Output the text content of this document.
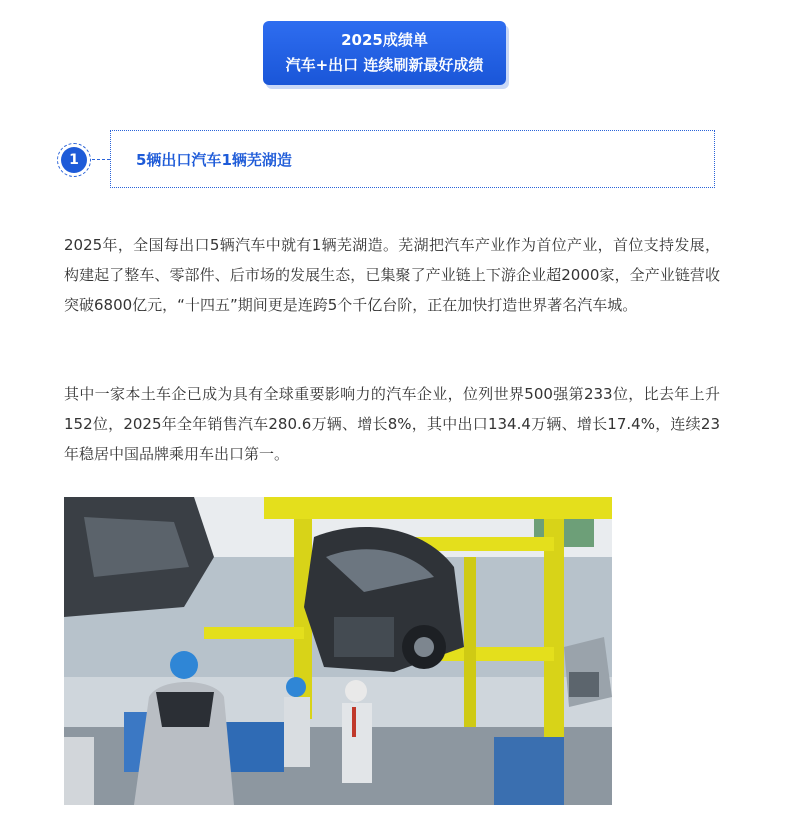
2025成绩单
汽车+出口 连续刷新最好成绩
1	5辆出口汽车1辆芜湖造

2025年，全国每出口5辆汽车中就有1辆芜湖造。芜湖把汽车产业作为首位产业，首位支持发展，构建起了整车、零部件、后市场的发展生态，已集聚了产业链上下游企业超2000家，全产业链营收突破6800亿元，“十四五”期间更是连跨5个千亿台阶，正在加快打造世界著名汽车城。

其中一家本土车企已成为具有全球重要影响力的汽车企业，位列世界500强第233位，比去年上升152位，2025年全年销售汽车280.6万辆、增长8%，其中出口134.4万辆、增长17.4%，连续23年稳居中国品牌乘用车出口第一。
